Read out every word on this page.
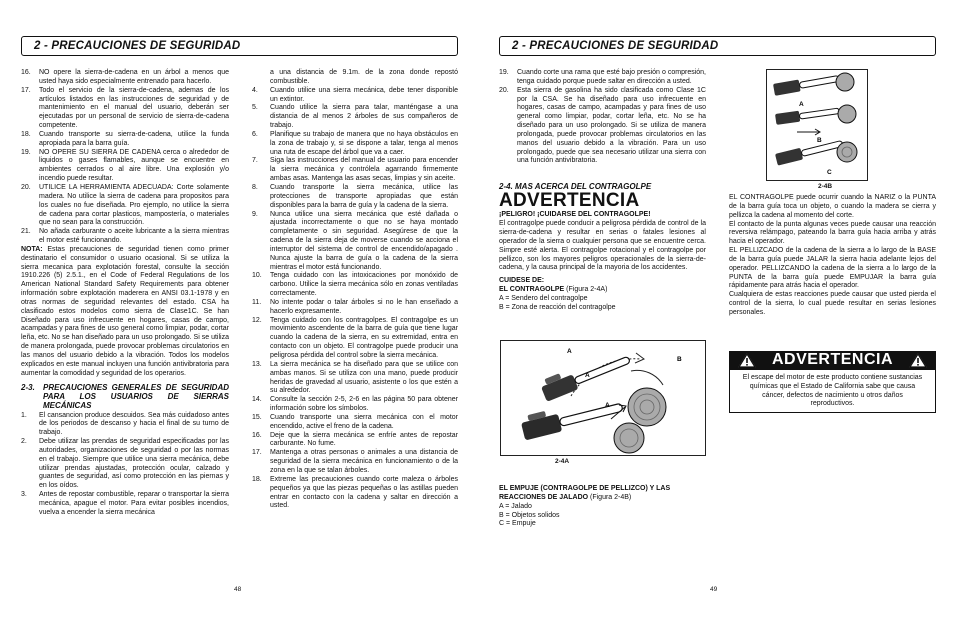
2 - PRECAUCIONES DE SEGURIDAD
16.	NO opere la sierra-de-cadena en un árbol a menos que usted haya sido especialmente entrenado para hacerlo.
17.	Todo el servicio de la sierra-de-cadena, ademas de los artículos listados en las instrucciones de seguridad y de mantenimiento en el manual del usuario, deberán ser ejecutadas por un personal de servicio de sierra-de-cadena competente.
18.	Cuando transporte su sierra-de-cadena, utilice la funda apropiada para la barra guía.
19.	NO OPERE SU SIERRA DE CADENA cerca o alrededor de liquidos o gases flamables, aunque se encuentre en ambientes cerrados o al aire libre. Una explosión y/o incendio puede resultar.
20.	UTILICE LA HERRAMIENTA ADECUADA: Corte solamente madera. No utilice la sierra de cadena para propositos para los cuales no fue diseñada. Pro ejemplo, no utilice la sierra de cadena para cortar plasticos, mampostería, o materiales que no sean para la construcción.
21.	No añada carburante o aceite lubricante a la sierra mientras el motor esté funcionando.

NOTA: Estas precauciones de seguridad tienen como primer destinatario el consumidor o usuario ocasional. Si se utiliza la sierra mecanica para explotación forestal, consulte la sección 1910.226 (5) 2.5.1., en el Code of Federal Regulations de los American National Standard Safety Requirements para obtener información sobre explotación maderera en ANSI 03.1-1978 y en otras normas de seguridad relevantes del estado. CSA ha clasificado estos modelos como sierra de Clase1C. Se han Diseñado para uso infrecuente en hogares, casas de campo, acampadas y para fines de uso general como limpiar, podar, cortar leña, etc. No se han diseñado para un uso prolongado. Si se utiliza de manera prolongada, puede provocar problemas circulatorios en las manos del usuario debido a la vibración. Todos los modelos explicados en este manual incluyen una función antivibratoria para aumentar la comodidad y seguridad de los operarios.

2-3.	PRECAUCIONES GENERALES DE SEGURIDAD PARA LOS USUARIOS DE SIERRAS MECÁNICAS
1.	El cansancion produce descuidos. Sea más cuidadoso antes de los periodos de descanso y hacia el final de su turno de trabajo.
2.	Debe utilizar las prendas de seguridad especificadas por las autoridades, organizaciones de seguridad o por las normas en el trabajo. Siempre que utilice una sierra mecánica, debe utilizar prendas ajustadas, protección ocular, calzado y guantes de seguridad, así como protección en las piernas y en los oídos.
3.	Antes de repostar combustible, reparar o transportar la sierra mecánica, apague el motor. Para evitar posibles incendios, vuelva a encender la sierra mecánica

a una distancia de 9.1m. de la zona donde repostó combustible.

4.	Cuando utilice una sierra mecánica, debe tener disponible un extintor.
5.	Cuando utilice la sierra para talar, manténgase a una distancia de al menos 2 árboles de sus compañeros de trabajo.
6.	Planifique su trabajo de manera que no haya obstáculos en la zona de trabajo y, si se dispone a talar, tenga al menos una ruta de escape del árbol que va a caer.
7.	Siga las instrucciones del manual de usuario para encender la sierra mecánica y contrólela agarrando firmemente ambas asas. Mantenga las asas secas, limpias y sin aceite.
8.	Cuando transporte la sierra mecánica, utilice las protecciones de transporte apropiadas que están disponibles para la barra de guía y la cadena de la sierra.
9.	Nunca utilice una sierra mecánica que esté dañada o ajustada incorrectamente o que no se haya montado completamente o sin seguridad. Asegúrese de que la cadena de la sierra deja de moverse cuando se acciona el interruptor del sistema de control de encendido/apagado . Nunca ajuste la barra de guía o la cadena de la sierra mientras el motor está funcionando.
10.	Tenga cuidado con las intoxicaciones por monóxido de carbono. Utilice la sierra mecánica sólo en zonas ventiladas correctamente.
11.	No intente podar o talar árboles si no le han enseñado a hacerlo expresamente.
12.	Tenga cuidado con los contragolpes. El contragolpe es un movimiento ascendente de la barra de guía que tiene lugar cuando la cadena de la sierra, en su extremidad, entra en contacto con un objeto. El contragolpe puede producir una peligrosa pérdida del control sobre la sierra mecánica.
13.	La sierra mecánica se ha diseñado para que se utilice con ambas manos. Si se utiliza con una mano, puede producir heridas de gravedad al usuario, asistente o los que estén a su alrededor.
14.	Consulte la sección 2-5, 2-6 en las página 50 para obtener información sobre los símbolos.
15.	Cuando transporte una sierra mecánica con el motor encendido, active el freno de la cadena.
16.	Deje que la sierra mecánica se enfríe antes de repostar carburante. No fume.
17.	Mantenga a otras personas o animales a una distancia de seguridad de la sierra mecánica en funcionamiento o de la zona en la que se talan árboles.
18.	Extreme las precauciones cuando corte maleza o árboles pequeños ya que las piezas pequeñas o las astillas pueden entrar en contacto con la cadena y saltar en dirección a usted.
48
2 - PRECAUCIONES DE SEGURIDAD
19.	Cuando corte una rama que esté bajo presión o compresión, tenga cuidado porque puede saltar en dirección a usted.
20.	Esta sierra de gasolina ha sido clasificada como Clase 1C por la CSA. Se ha diseñado para uso infrecuente en hogares, casas de campo, acampadas y para fines de uso general como limpiar, podar, cortar leña, etc. No se ha diseñado para un uso prolongado. Si se utiliza de manera prolongada, puede provocar problemas circulatorios en las manos del usuario debido a la vibración. Para un uso prolongado, puede que sea necesario utilizar una sierra con una función antivibratoria.
2-4. MAS ACERCA DEL CONTRAGOLPE

ADVERTENCIA

¡PELIGRO! ¡CUIDARSE DEL CONTRAGOLPE!

El contragolpe puede conducir a peligrosa pérdida de control de la sierra-de-cadena y resultar en serias o fatales lesiones al operador de la sierra o cualquier persona que se encuentre cerca. Simpre esté alerta. El contragolpe rotacional y el contragolpe por pellizco, son los mayores peligros operacionales de la sierra-de-cadena, y la causa principal de la mayoria de los accidentes.

CUIDESE DE:

EL CONTRAGOLPE (Figura 2-4A)

A = Sendero del contragolpe

B = Zona de reacción del contragolpe

A
B
A
A
2-4A

EL EMPUJE (CONTRAGOLPE DE PELLIZCO) Y LAS REACCIONES DE JALADO (Figura 2-4B)

A = Jalado

B = Objetos solidos

C = Empuje

A
B
C
2-4B

EL CONTRAGOLPE puede ocurrir cuando la NARIZ o la PUNTA de la barra guía toca un objeto, o cuando la madera se cierra y pellizca la cadena al momento del corte.

El contacto de la punta algunas veces puede causar una reacción reversiva relámpago, pateando la barra guía hacia arriba y atrás hacia el operador.

EL PELLIZCADO de la cadena de la sierra a lo largo de la BASE de la barra guía puede JALAR la sierra hacia adelante lejos del operador. PELLIZCANDO la cadena de la sierra a lo largo de la PUNTA de la barra guía puede EMPUJAR la barra guía rápidamente para atrás hacia el operador.

Cualquiera de estas reacciones puede causar que usted pierda el control de la sierra, lo cual puede resultar en serias lesiones personales.

ADVERTENCIA
El escape del motor de este producto contiene sustancias químicas que el Estado de California sabe que causa cáncer, defectos de nacimiento u otros daños reproductivos.
49
